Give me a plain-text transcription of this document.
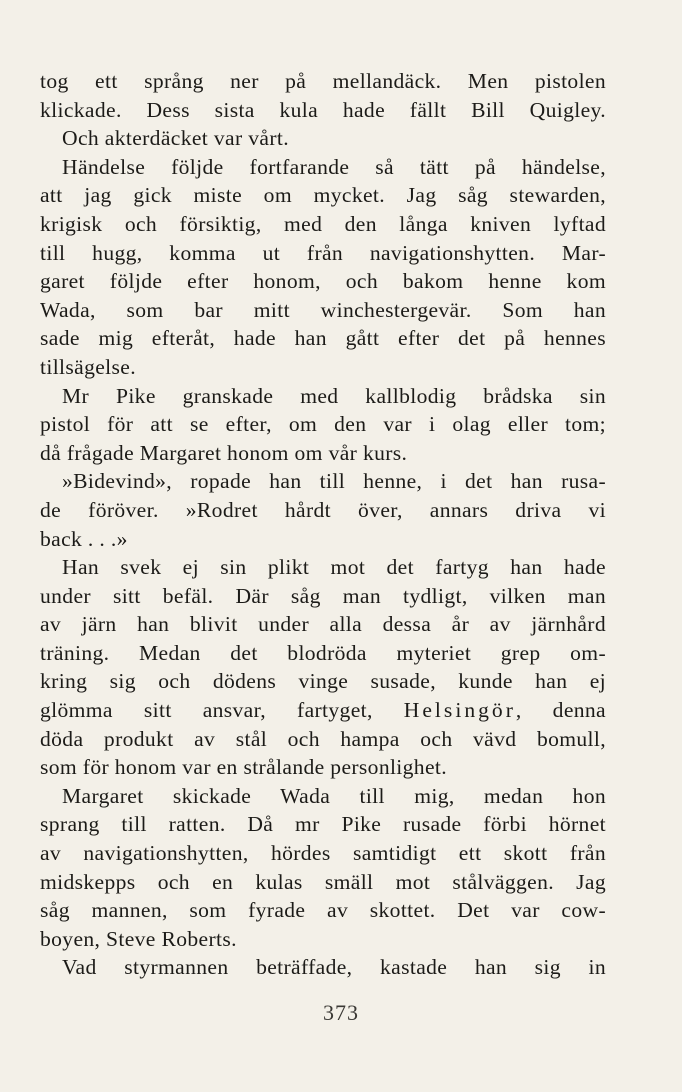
tog ett språng ner på mellandäck. Men pistolen
klickade. Dess sista kula hade fällt Bill Quigley.
Och akterdäcket var vårt.
Händelse följde fortfarande så tätt på händelse,
att jag gick miste om mycket. Jag såg stewarden,
krigisk och försiktig, med den långa kniven lyftad
till hugg, komma ut från navigationshytten. Mar-
garet följde efter honom, och bakom henne kom
Wada, som bar mitt winchestergevär. Som han
sade mig efteråt, hade han gått efter det på hennes
tillsägelse.
Mr Pike granskade med kallblodig brådska sin
pistol för att se efter, om den var i olag eller tom;
då frågade Margaret honom om vår kurs.
»Bidevind», ropade han till henne, i det han rusa-
de föröver. »Rodret hårdt över, annars driva vi
back . . .»
Han svek ej sin plikt mot det fartyg han hade
under sitt befäl. Där såg man tydligt, vilken man
av järn han blivit under alla dessa år av järnhård
träning. Medan det blodröda myteriet grep om-
kring sig och dödens vinge susade, kunde han ej
glömma sitt ansvar, fartyget, Helsingör, denna
döda produkt av stål och hampa och vävd bomull,
som för honom var en strålande personlighet.
Margaret skickade Wada till mig, medan hon
sprang till ratten. Då mr Pike rusade förbi hörnet
av navigationshytten, hördes samtidigt ett skott från
midskepps och en kulas smäll mot stålväggen. Jag
såg mannen, som fyrade av skottet. Det var cow-
boyen, Steve Roberts.
Vad styrmannen beträffade, kastade han sig in
373
